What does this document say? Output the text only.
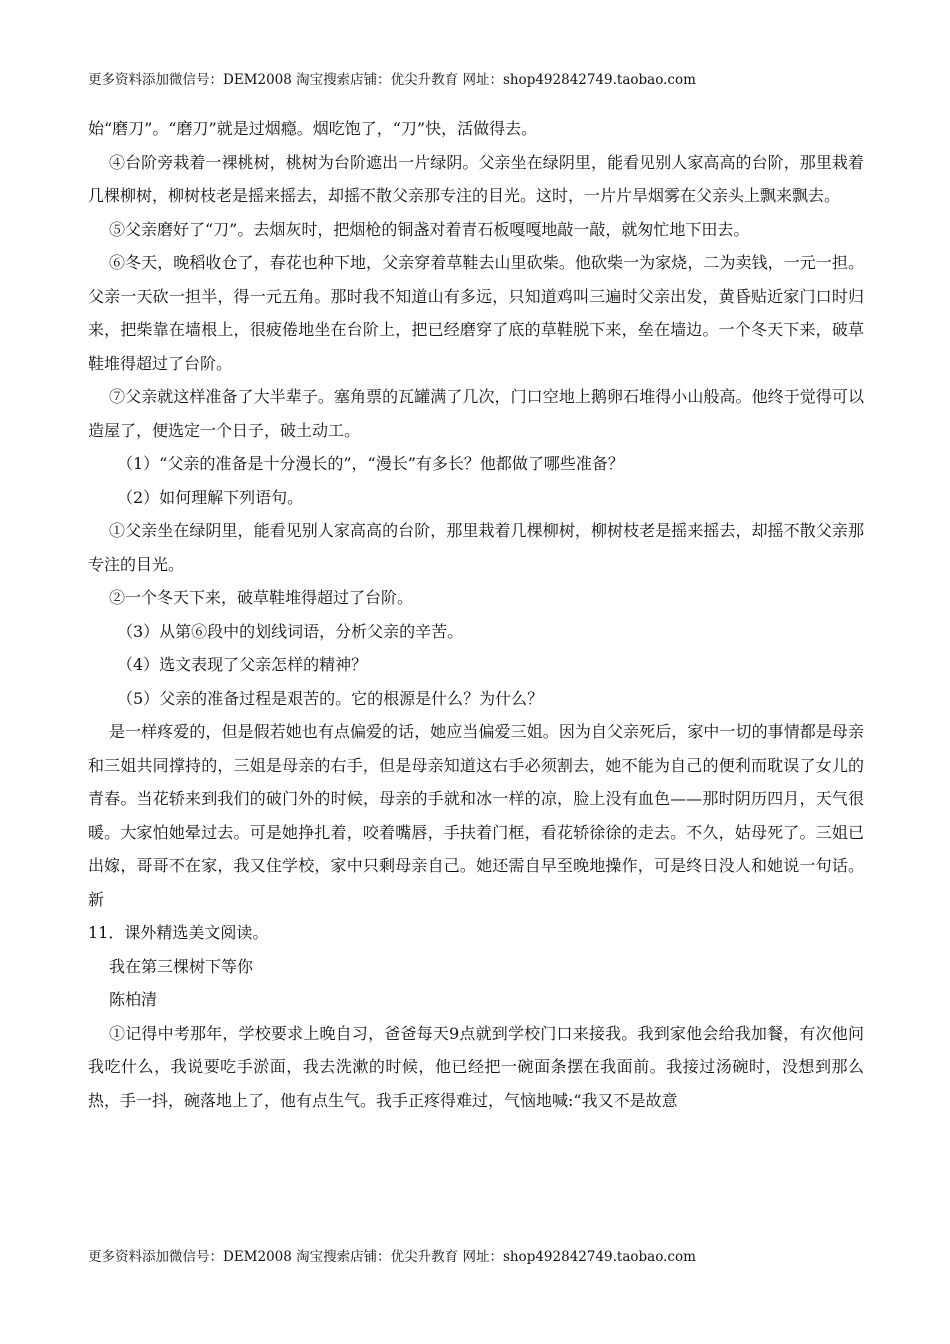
更多资料添加微信号：DEM2008 淘宝搜索店铺：优尖升教育 网址：shop492842749.taobao.com

始“磨刀”。“磨刀”就是过烟瘾。烟吃饱了，“刀”快，活做得去。

④台阶旁栽着一裸桃树，桃树为台阶遮出一片绿阴。父亲坐在绿阴里，能看见别人家高高的台阶，那里栽着几棵柳树，柳树枝老是摇来摇去，却摇不散父亲那专注的目光。这时，一片片旱烟雾在父亲头上飘来飘去。

⑤父亲磨好了“刀”。去烟灰时，把烟枪的铜盏对着青石板嘎嘎地敲一敲，就匆忙地下田去。

⑥冬天，晚稻收仓了，春花也种下地，父亲穿着草鞋去山里砍柴。他砍柴一为家烧，二为卖钱，一元一担。父亲一天砍一担半，得一元五角。那时我不知道山有多远，只知道鸡叫三遍时父亲出发，黄昏贴近家门口时归来，把柴靠在墙根上，很疲倦地坐在台阶上，把已经磨穿了底的草鞋脱下来，垒在墙边。一个冬天下来，破草鞋堆得超过了台阶。

⑦父亲就这样准备了大半辈子。塞角票的瓦罐满了几次，门口空地上鹅卵石堆得小山般高。他终于觉得可以造屋了，便选定一个日子，破土动工。

（1）“父亲的准备是十分漫长的”，“漫长”有多长？他都做了哪些准备？

（2）如何理解下列语句。

①父亲坐在绿阴里，能看见别人家高高的台阶，那里栽着几棵柳树，柳树枝老是摇来摇去，却摇不散父亲那专注的目光。

②一个冬天下来，破草鞋堆得超过了台阶。

（3）从第⑥段中的划线词语，分析父亲的辛苦。

（4）选文表现了父亲怎样的精神？

（5）父亲的准备过程是艰苦的。它的根源是什么？为什么？

是一样疼爱的，但是假若她也有点偏爱的话，她应当偏爱三姐。因为自父亲死后，家中一切的事情都是母亲和三姐共同撑持的，三姐是母亲的右手，但是母亲知道这右手必须割去，她不能为自己的便利而耽误了女儿的青春。当花轿来到我们的破门外的时候，母亲的手就和冰一样的凉，脸上没有血色——那时阴历四月，天气很暖。大家怕她晕过去。可是她挣扎着，咬着嘴唇，手扶着门框，看花轿徐徐的走去。不久，姑母死了。三姐已出嫁，哥哥不在家，我又住学校，家中只剩母亲自己。她还需自早至晚地操作，可是终日没人和她说一句话。新

11．课外精选美文阅读。

我在第三棵树下等你

陈柏清

①记得中考那年，学校要求上晚自习，爸爸每天9点就到学校门口来接我。我到家他会给我加餐，有次他问我吃什么，我说要吃手淤面，我去洗漱的时候，他已经把一碗面条摆在我面前。我接过汤碗时，没想到那么热，手一抖，碗落地上了，他有点生气。我手正疼得难过，气恼地喊:“我又不是故意

更多资料添加微信号：DEM2008 淘宝搜索店铺：优尖升教育 网址：shop492842749.taobao.com
